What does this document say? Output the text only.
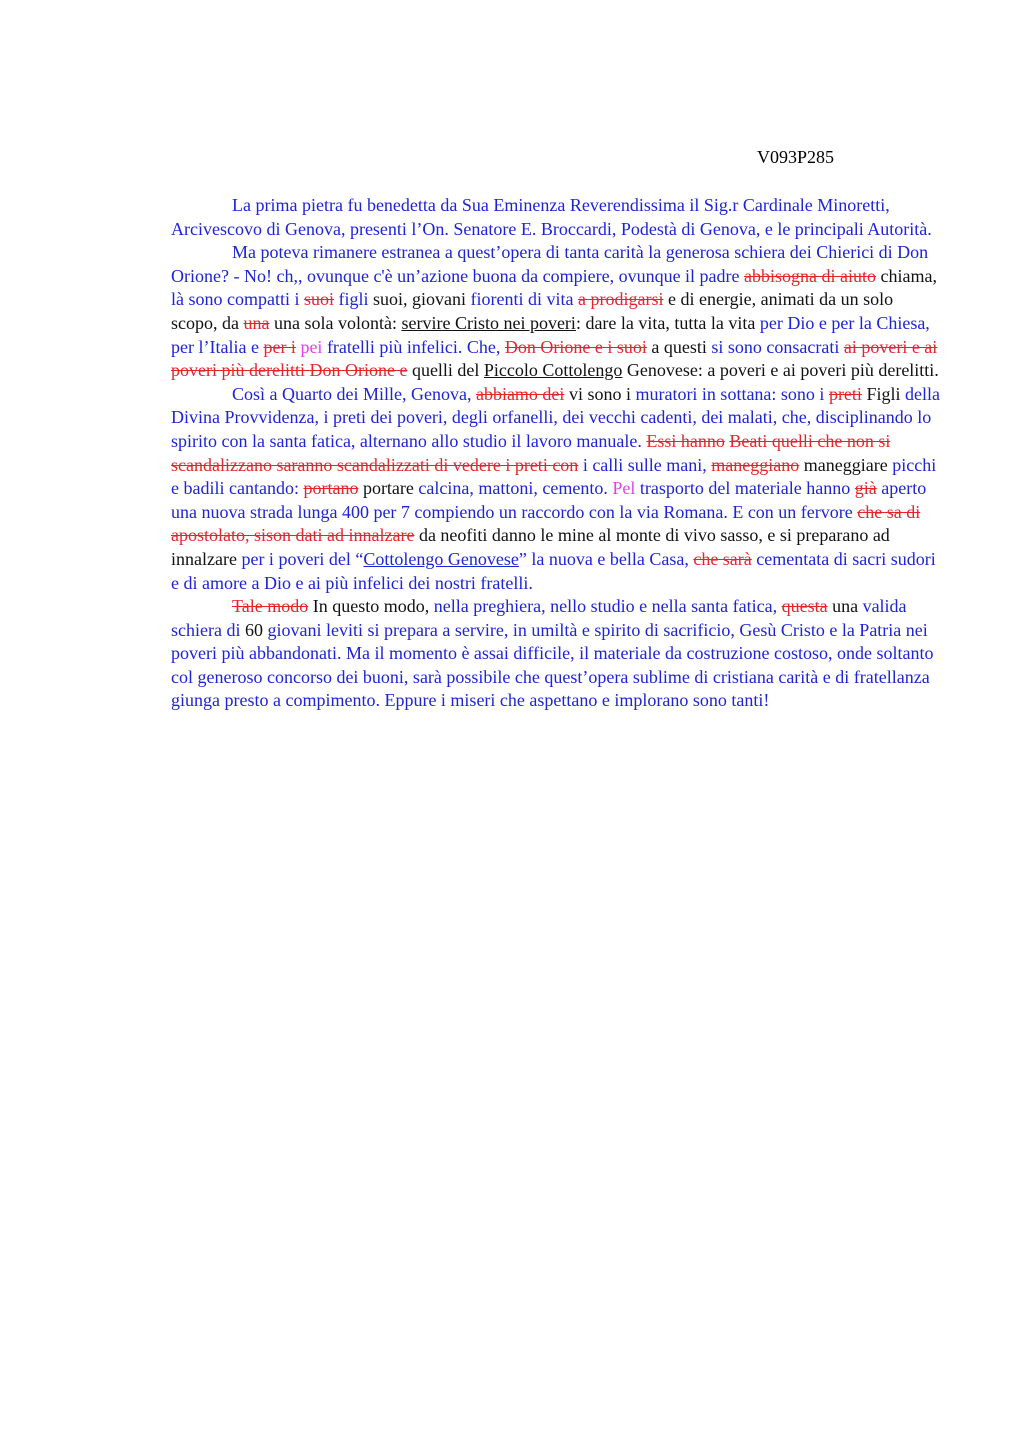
V093P285

La prima pietra fu benedetta da Sua Eminenza Reverendissima il Sig.r Cardinale Minoretti, Arcivescovo di Genova, presenti l’On. Senatore E. Broccardi, Podestà di Genova, e le principali Autorità.

Ma poteva rimanere estranea a quest’opera di tanta carità la generosa schiera dei Chierici di Don Orione? - No! ch,, ovunque c'è un’azione buona da compiere, ovunque il padre abbisogna di aiuto chiama, là sono compatti i suoi figli suoi, giovani fiorenti di vita a prodigarsi e di energie, animati da un solo scopo, da una una sola volontà: servire Cristo nei poveri: dare la vita, tutta la vita per Dio e per la Chiesa, per l’Italia e per i pei fratelli più infelici. Che, Don Orione e i suoi a questi si sono consacrati ai poveri e ai poveri più derelitti Don Orione e quelli del Piccolo Cottolengo Genovese: a poveri e ai poveri più derelitti.

Così a Quarto dei Mille, Genova, abbiamo dei vi sono i muratori in sottana: sono i preti Figli della Divina Provvidenza, i preti dei poveri, degli orfanelli, dei vecchi cadenti, dei malati, che, disciplinando lo spirito con la santa fatica, alternano allo studio il lavoro manuale. Essi hanno Beati quelli che non si scandalizzano saranno scandalizzati di vedere i preti con i calli sulle mani, maneggiano maneggiare picchi e badili cantando: portano portare calcina, mattoni, cemento. Pel trasporto del materiale hanno già aperto una nuova strada lunga 400 per 7 compiendo un raccordo con la via Romana. E con un fervore che sa di apostolato, sison dati ad innalzare da neofiti danno le mine al monte di vivo sasso, e si preparano ad innalzare per i poveri del “Cottolengo Genovese” la nuova e bella Casa, che sarà cementata di sacri sudori e di amore a Dio e ai più infelici dei nostri fratelli.

Tale modo In questo modo, nella preghiera, nello studio e nella santa fatica, questa una valida schiera di 60 giovani leviti si prepara a servire, in umiltà e spirito di sacrificio, Gesù Cristo e la Patria nei poveri più abbandonati. Ma il momento è assai difficile, il materiale da costruzione costoso, onde soltanto col generoso concorso dei buoni, sarà possibile che quest’opera sublime di cristiana carità e di fratellanza giunga presto a compimento. Eppure i miseri che aspettano e implorano sono tanti!
